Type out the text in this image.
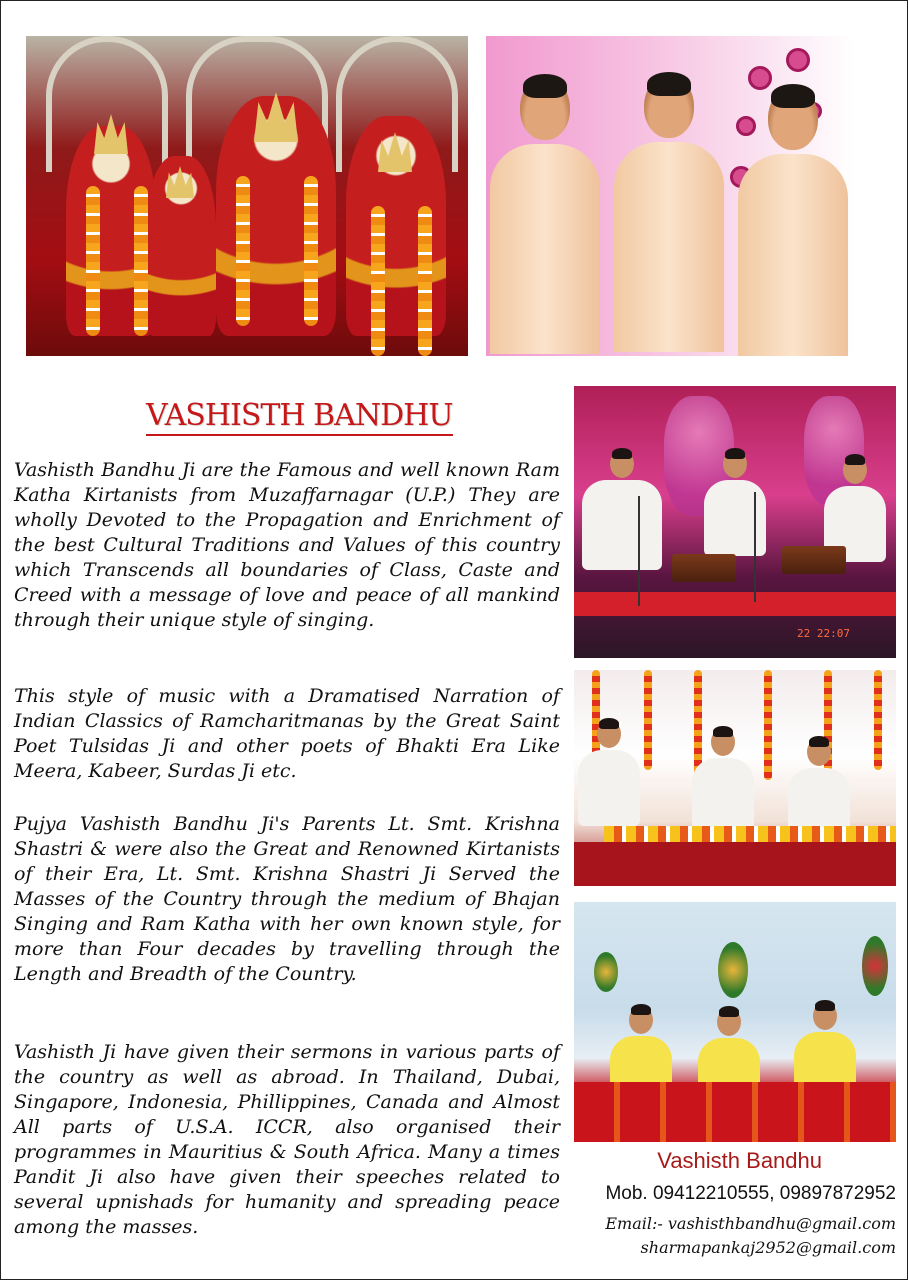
VASHISTH BANDHU

Vashisth Bandhu Ji are the Famous and well known Ram Katha Kirtanists from Muzaffarnagar (U.P.) They are wholly Devoted to the Propagation and Enrichment of the best Cultural Traditions and Values of this country which Transcends all boundaries of Class, Caste and Creed with a message of love and peace of all mankind through their unique style of singing.

This style of music with a Dramatised Narration of Indian Classics of Ramcharitmanas by the Great Saint Poet Tulsidas Ji and other poets of Bhakti Era Like Meera, Kabeer, Surdas Ji etc.

Pujya Vashisth Bandhu Ji's Parents Lt. Smt. Krishna Shastri & were also the Great and Renowned Kirtanists of their Era, Lt. Smt. Krishna Shastri Ji Served the Masses of the Country through the medium of Bhajan Singing and Ram Katha with her own known style, for more than Four decades by travelling through the Length and Breadth of the Country.

Vashisth Ji have given their sermons in various parts of the country as well as abroad. In Thailand, Dubai, Singapore, Indonesia, Phillippines, Canada and Almost All parts of U.S.A. ICCR, also organised their programmes in Mauritius & South Africa. Many a times Pandit Ji also have given their speeches related to several upnishads for humanity and spreading peace among the masses.

22 22:07
Vashisth Bandhu
Mob. 09412210555, 09897872952
Email:- vashisthbandhu@gmail.com
sharmapankaj2952@gmail.com
